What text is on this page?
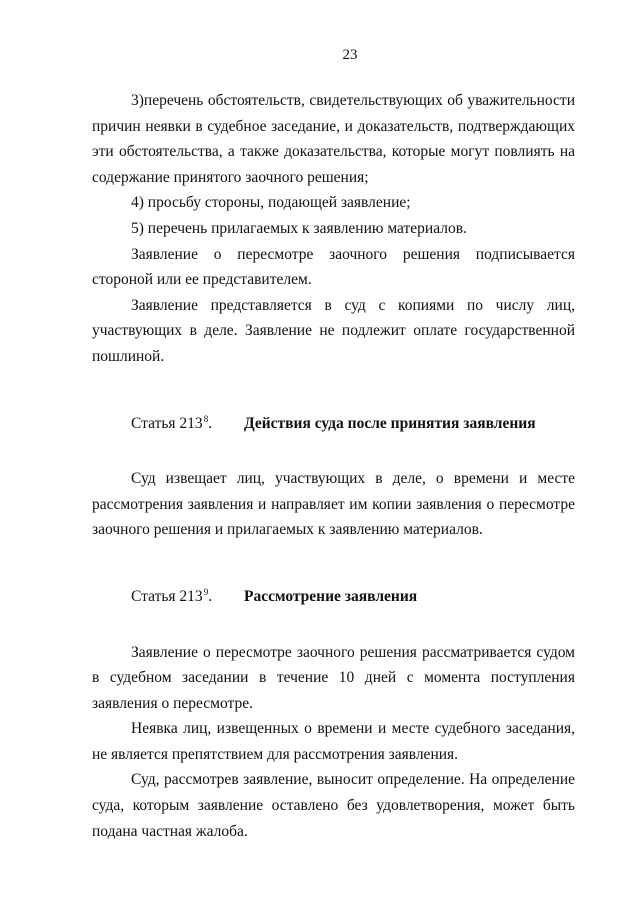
23

3)перечень обстоятельств, свидетельствующих об уважительности причин неявки в судебное заседание, и доказательств, подтверждающих эти обстоятельства, а также доказательства, которые могут повлиять на содержание принятого заочного решения;

4) просьбу стороны, подающей заявление;

5) перечень прилагаемых к заявлению материалов.

Заявление о пересмотре заочного решения подписывается стороной или ее представителем.

Заявление представляется в суд с копиями по числу лиц, участвующих в деле. Заявление не подлежит оплате государственной пошлиной.

Статья $213^8$.	Действия суда после принятия заявления

Суд извещает лиц, участвующих в деле, о времени и месте рассмотрения заявления и направляет им копии заявления о пересмотре заочного решения и прилагаемых к заявлению материалов.

Статья $213^9$.	Рассмотрение заявления

Заявление о пересмотре заочного решения рассматривается судом в судебном заседании в течение 10 дней с момента поступления заявления о пересмотре.

Неявка лиц, извещенных о времени и месте судебного заседания, не является препятствием для рассмотрения заявления.

Суд, рассмотрев заявление, выносит определение. На определение суда, которым заявление оставлено без удовлетворения, может быть подана частная жалоба.
